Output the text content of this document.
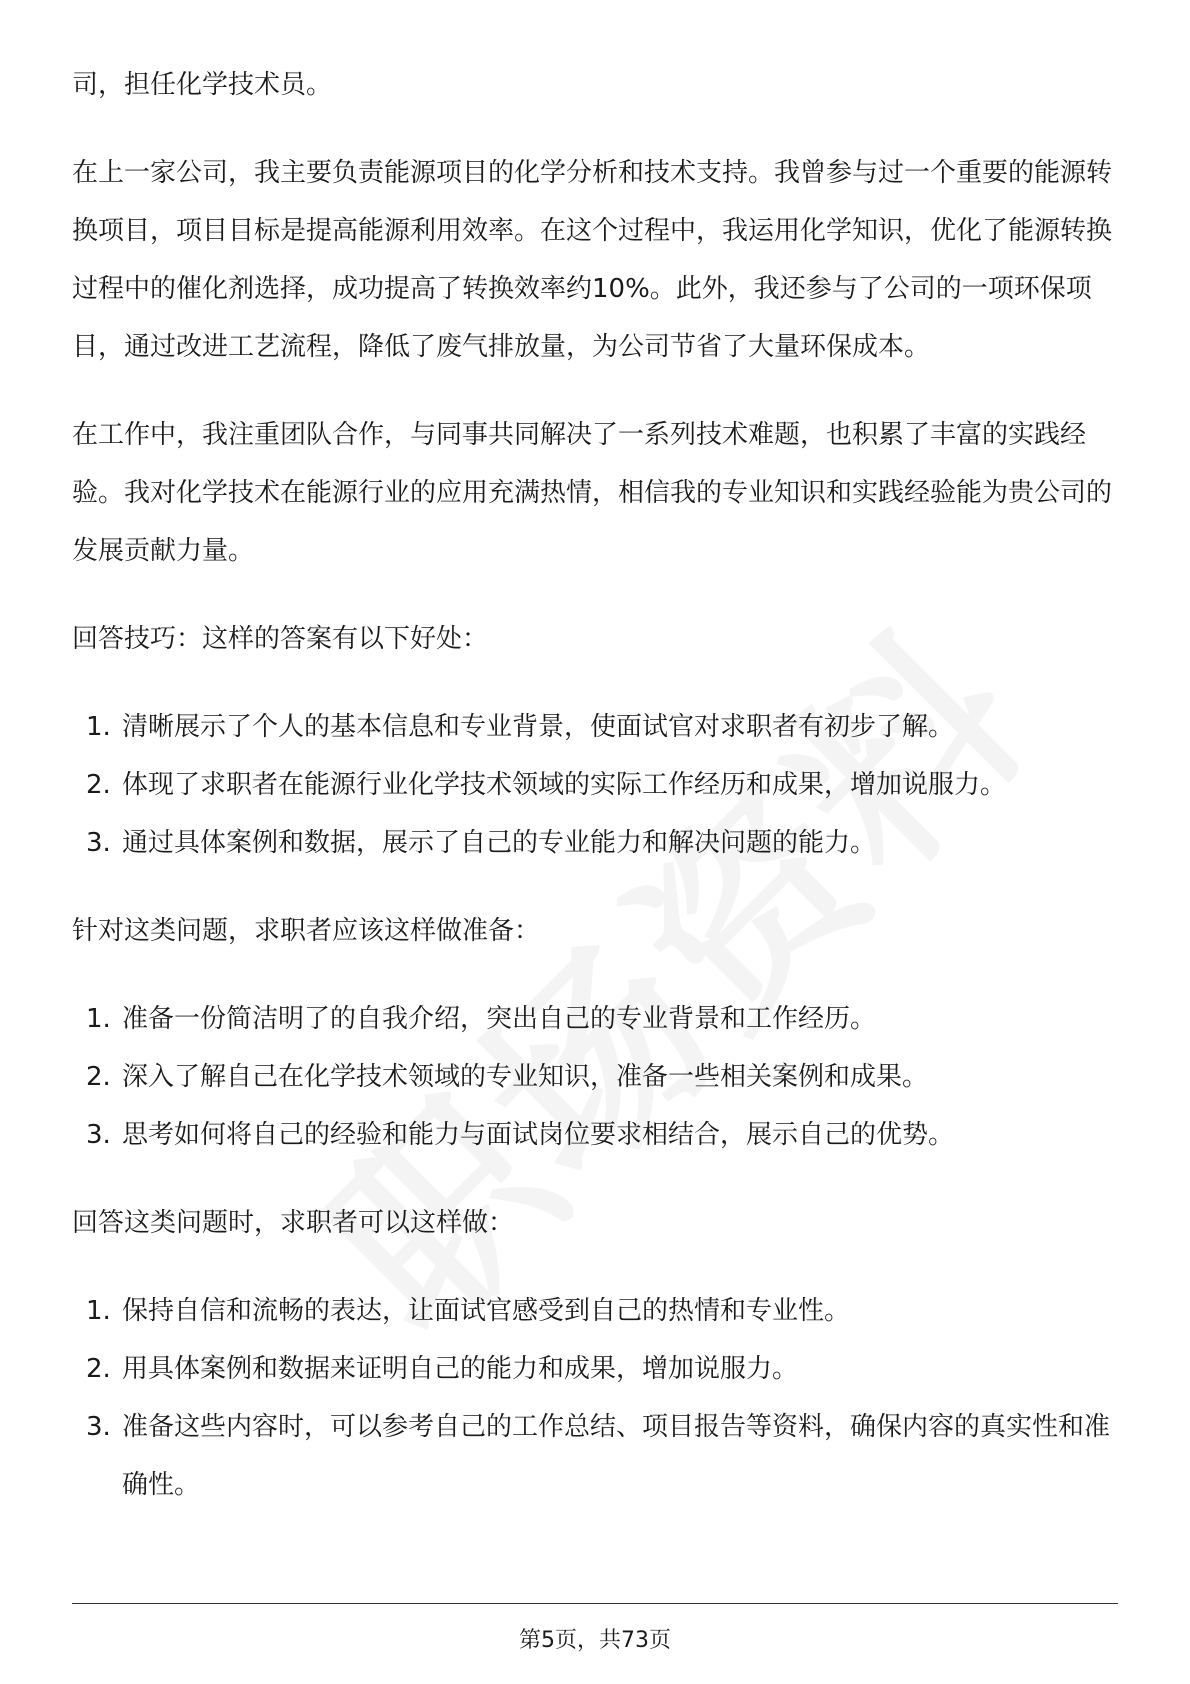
司，担任化学技术员。

在上一家公司，我主要负责能源项目的化学分析和技术支持。我曾参与过一个重要的能源转换项目，项目目标是提高能源利用效率。在这个过程中，我运用化学知识，优化了能源转换过程中的催化剂选择，成功提高了转换效率约10%。此外，我还参与了公司的一项环保项目，通过改进工艺流程，降低了废气排放量，为公司节省了大量环保成本。

在工作中，我注重团队合作，与同事共同解决了一系列技术难题，也积累了丰富的实践经验。我对化学技术在能源行业的应用充满热情，相信我的专业知识和实践经验能为贵公司的发展贡献力量。

回答技巧：这样的答案有以下好处：

1. 清晰展示了个人的基本信息和专业背景，使面试官对求职者有初步了解。
2. 体现了求职者在能源行业化学技术领域的实际工作经历和成果，增加说服力。
3. 通过具体案例和数据，展示了自己的专业能力和解决问题的能力。

针对这类问题，求职者应该这样做准备：

1. 准备一份简洁明了的自我介绍，突出自己的专业背景和工作经历。
2. 深入了解自己在化学技术领域的专业知识，准备一些相关案例和成果。
3. 思考如何将自己的经验和能力与面试岗位要求相结合，展示自己的优势。

回答这类问题时，求职者可以这样做：

1. 保持自信和流畅的表达，让面试官感受到自己的热情和专业性。
2. 用具体案例和数据来证明自己的能力和成果，增加说服力。
3. 准备这些内容时，可以参考自己的工作总结、项目报告等资料，确保内容的真实性和准确性。
第5页，共73页
